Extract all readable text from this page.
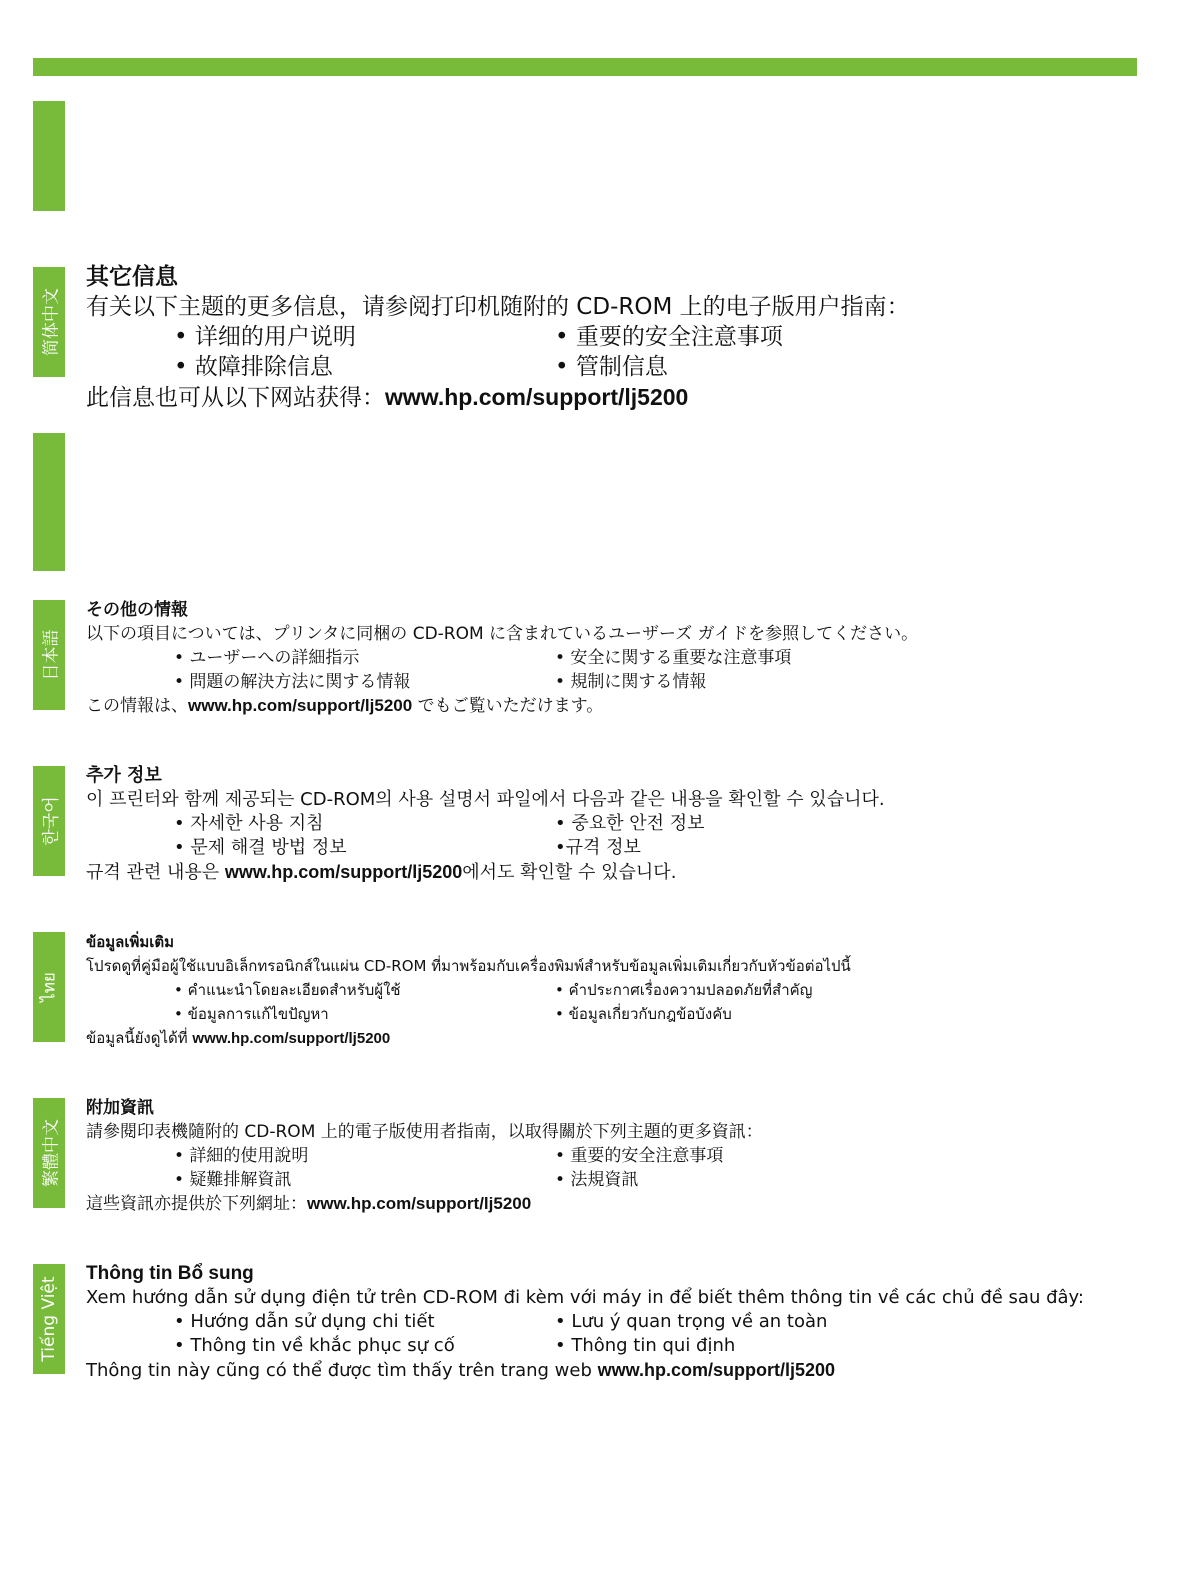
简体中文
日本語
한국어
ไทย
繁體中文
Tiếng Việt
其它信息
有关以下主题的更多信息，请参阅打印机随附的 CD-ROM 上的电子版用户指南：
• 详细的用户说明	• 重要的安全注意事项
• 故障排除信息	• 管制信息
此信息也可从以下网站获得：www.hp.com/support/lj5200
その他の情報
以下の項目については、プリンタに同梱の CD-ROM に含まれているユーザーズ ガイドを参照してください。
• ユーザーへの詳細指示	• 安全に関する重要な注意事項
• 問題の解決方法に関する情報	• 規制に関する情報
この情報は、www.hp.com/support/lj5200 でもご覧いただけます。
추가 정보
이 프린터와 함께 제공되는 CD-ROM의 사용 설명서 파일에서 다음과 같은 내용을 확인할 수 있습니다.
• 자세한 사용 지침	• 중요한 안전 정보
• 문제 해결 방법 정보	•규격 정보
규격 관련 내용은 www.hp.com/support/lj5200에서도 확인할 수 있습니다.
ข้อมูลเพิ่มเติม
โปรดดูที่คู่มือผู้ใช้แบบอิเล็กทรอนิกส์ในแผ่น CD-ROM ที่มาพร้อมกับเครื่องพิมพ์สำหรับข้อมูลเพิ่มเติมเกี่ยวกับหัวข้อต่อไปนี้
• คำแนะนำโดยละเอียดสำหรับผู้ใช้	• คำประกาศเรื่องความปลอดภัยที่สำคัญ
• ข้อมูลการแก้ไขปัญหา	• ข้อมูลเกี่ยวกับกฎข้อบังคับ
ข้อมูลนี้ยังดูได้ที่ www.hp.com/support/lj5200
附加資訊
請參閱印表機隨附的 CD-ROM 上的電子版使用者指南，以取得關於下列主題的更多資訊：
• 詳細的使用說明	• 重要的安全注意事項
• 疑難排解資訊	• 法規資訊
這些資訊亦提供於下列網址：www.hp.com/support/lj5200
Thông tin Bổ sung
Xem hướng dẫn sử dụng điện tử trên CD-ROM đi kèm với máy in để biết thêm thông tin về các chủ đề sau đây:
• Hướng dẫn sử dụng chi tiết	• Lưu ý quan trọng về an toàn
• Thông tin về khắc phục sự cố	• Thông tin qui định
Thông tin này cũng có thể được tìm thấy trên trang web www.hp.com/support/lj5200
